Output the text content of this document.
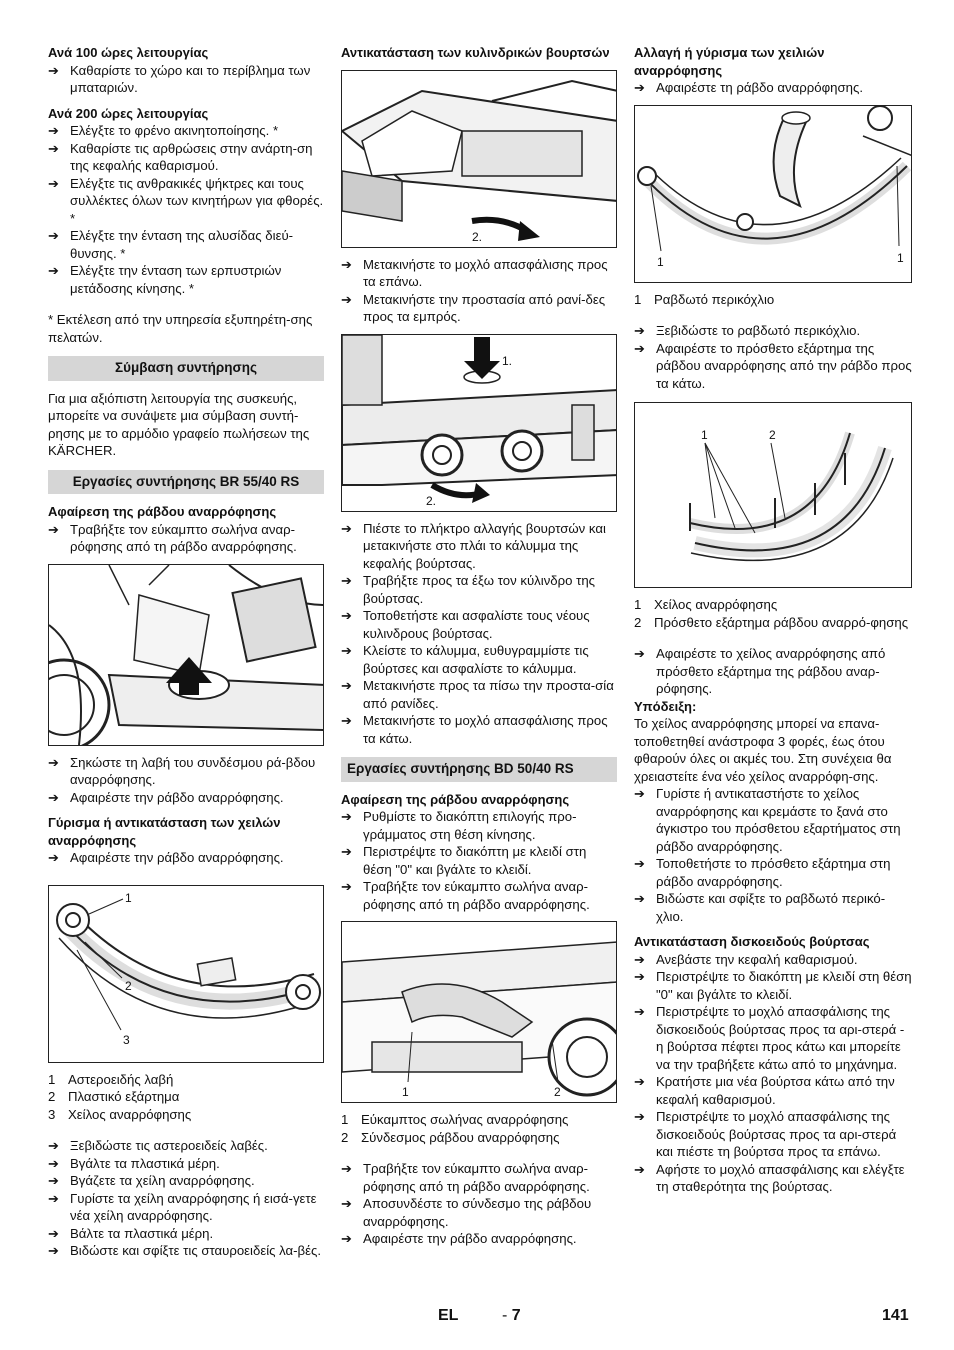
Ανά 100 ώρες λειτουργίας

➔ Καθαρίστε το χώρο και το περίβλημα των μπαταριών.

Ανά 200 ώρες λειτουργίας

➔ Ελέγξτε το φρένο ακινητοποίησης. *
➔ Καθαρίστε τις αρθρώσεις στην ανάρτη-ση της κεφαλής καθαρισμού.
➔ Ελέγξτε τις ανθρακικές ψήκτρες και τους συλλέκτες όλων των κινητήρων για φθορές. *
➔ Ελέγξτε την ένταση της αλυσίδας διεύ-θυνσης. *
➔ Ελέγξτε την ένταση των ερπυστριών μετάδοσης κίνησης. *

* Εκτέλεση από την υπηρεσία εξυπηρέτη-σης πελατών.

Σύμβαση συντήρησης

Για μια αξιόπιστη λειτουργία της συσκευής, μπορείτε να συνάψετε μια σύμβαση συντή-ρησης με το αρμόδιο γραφείο πωλήσεων της KÄRCHER.

Εργασίες συντήρησης BR 55/40 RS

Αφαίρεση της ράβδου αναρρόφησης

➔ Τραβήξτε τον εύκαμπτο σωλήνα αναρ-ρόφησης από τη ράβδο αναρρόφησης.
➔ Σηκώστε τη λαβή του συνδέσμου ρά-βδου αναρρόφησης.
➔ Αφαιρέστε την ράβδο αναρρόφησης.

Γύρισμα ή αντικατάσταση των χειλών αναρρόφησης

➔ Αφαιρέστε την ράβδο αναρρόφησης.
1
2
3
1 Αστεροειδής λαβή
2 Πλαστικό εξάρτημα
3 Χείλος αναρρόφησης
➔ Ξεβιδώστε τις αστεροειδείς λαβές.
➔ Βγάλτε τα πλαστικά μέρη.
➔ Βγάζετε τα χείλη αναρρόφησης.
➔ Γυρίστε τα χείλη αναρρόφησης ή εισά-γετε νέα χείλη αναρρόφησης.
➔ Βάλτε τα πλαστικά μέρη.
➔ Βιδώστε και σφίξτε τις σταυροειδείς λα-βές.

Αντικατάσταση των κυλινδρικών βουρτσών

2.
➔ Μετακινήστε το μοχλό απασφάλισης προς τα επάνω.
➔ Μετακινήστε την προστασία από ρανί-δες προς τα εμπρός.
1.
2.
➔ Πιέστε το πλήκτρο αλλαγής βουρτσών και μετακινήστε στο πλάι το κάλυμμα της κεφαλής βούρτσας.
➔ Τραβήξτε προς τα έξω τον κύλινδρο της βούρτσας.
➔ Τοποθετήστε και ασφαλίστε τους νέους κυλινδρους βούρτσας.
➔ Κλείστε το κάλυμμα, ευθυγραμμίστε τις βούρτσες και ασφαλίστε το κάλυμμα.
➔ Μετακινήστε προς τα πίσω την προστα-σία από ρανίδες.
➔ Μετακινήστε το μοχλό απασφάλισης προς τα κάτω.
Εργασίες συντήρησης BD 50/40 RS

Αφαίρεση της ράβδου αναρρόφησης

➔ Ρυθμίστε το διακόπτη επιλογής προ-γράμματος στη θέση κίνησης.
➔ Περιστρέψτε το διακόπτη με κλειδί στη θέση "0" και βγάλτε το κλειδί.
➔ Τραβήξτε τον εύκαμπτο σωλήνα αναρ-ρόφησης από τη ράβδο αναρρόφησης.
1	2
1 Εύκαμπτος σωλήνας αναρρόφησης
2 Σύνδεσμος ράβδου αναρρόφησης
➔ Τραβήξτε τον εύκαμπτο σωλήνα αναρ-ρόφησης από τη ράβδο αναρρόφησης.
➔ Αποσυνδέστε το σύνδεσμο της ράβδου αναρρόφησης.
➔ Αφαιρέστε την ράβδο αναρρόφησης.

Αλλαγή ή γύρισμα των χειλιών αναρρόφησης

➔ Αφαιρέστε τη ράβδο αναρρόφησης.
1	1
1 Ραβδωτό περικόχλιο
➔ Ξεβιδώστε το ραβδωτό περικόχλιο.
➔ Αφαιρέστε το πρόσθετο εξάρτημα της ράβδου αναρρόφησης από την ράβδο προς τα κάτω.
1	2
1 Χείλος αναρρόφησης
2 Πρόσθετο εξάρτημα ράβδου αναρρό-φησης
➔ Αφαιρέστε το χείλος αναρρόφησης από πρόσθετο εξάρτημα της ράβδου αναρ-ρόφησης.

Υπόδειξη:

Το χείλος αναρρόφησης μπορεί να επανα-τοποθετηθεί ανάστροφα 3 φορές, έως ότου φθαρούν όλες οι ακμές του. Στη συνέχεια θα χρειαστείτε ένα νέο χείλος αναρρόφη-σης.

➔ Γυρίστε ή αντικαταστήστε το χείλος αναρρόφησης και κρεμάστε το ξανά στο άγκιστρο του πρόσθετου εξαρτήματος στη ράβδο αναρρόφησης.
➔ Τοποθετήστε το πρόσθετο εξάρτημα στη ράβδο αναρρόφησης.
➔ Βιδώστε και σφίξτε το ραβδωτό περικό-χλιο.

Αντικατάσταση δισκοειδούς βούρτσας

➔ Ανεβάστε την κεφαλή καθαρισμού.
➔ Περιστρέψτε το διακόπτη με κλειδί στη θέση "0" και βγάλτε το κλειδί.
➔ Περιστρέψτε το μοχλό απασφάλισης της δισκοειδούς βούρτσας προς τα αρι-στερά - η βούρτσα πέφτει προς κάτω και μπορείτε να την τραβήξετε κάτω από το μηχάνημα.
➔ Κρατήστε μια νέα βούρτσα κάτω από την κεφαλή καθαρισμού.
➔ Περιστρέψτε το μοχλό απασφάλισης της δισκοειδούς βούρτσας προς τα αρι-στερά και πιέστε τη βούρτσα προς τα επάνω.
➔ Αφήστε το μοχλό απασφάλισης και ελέγξτε τη σταθερότητα της βούρτσας.
EL	- 7	141
